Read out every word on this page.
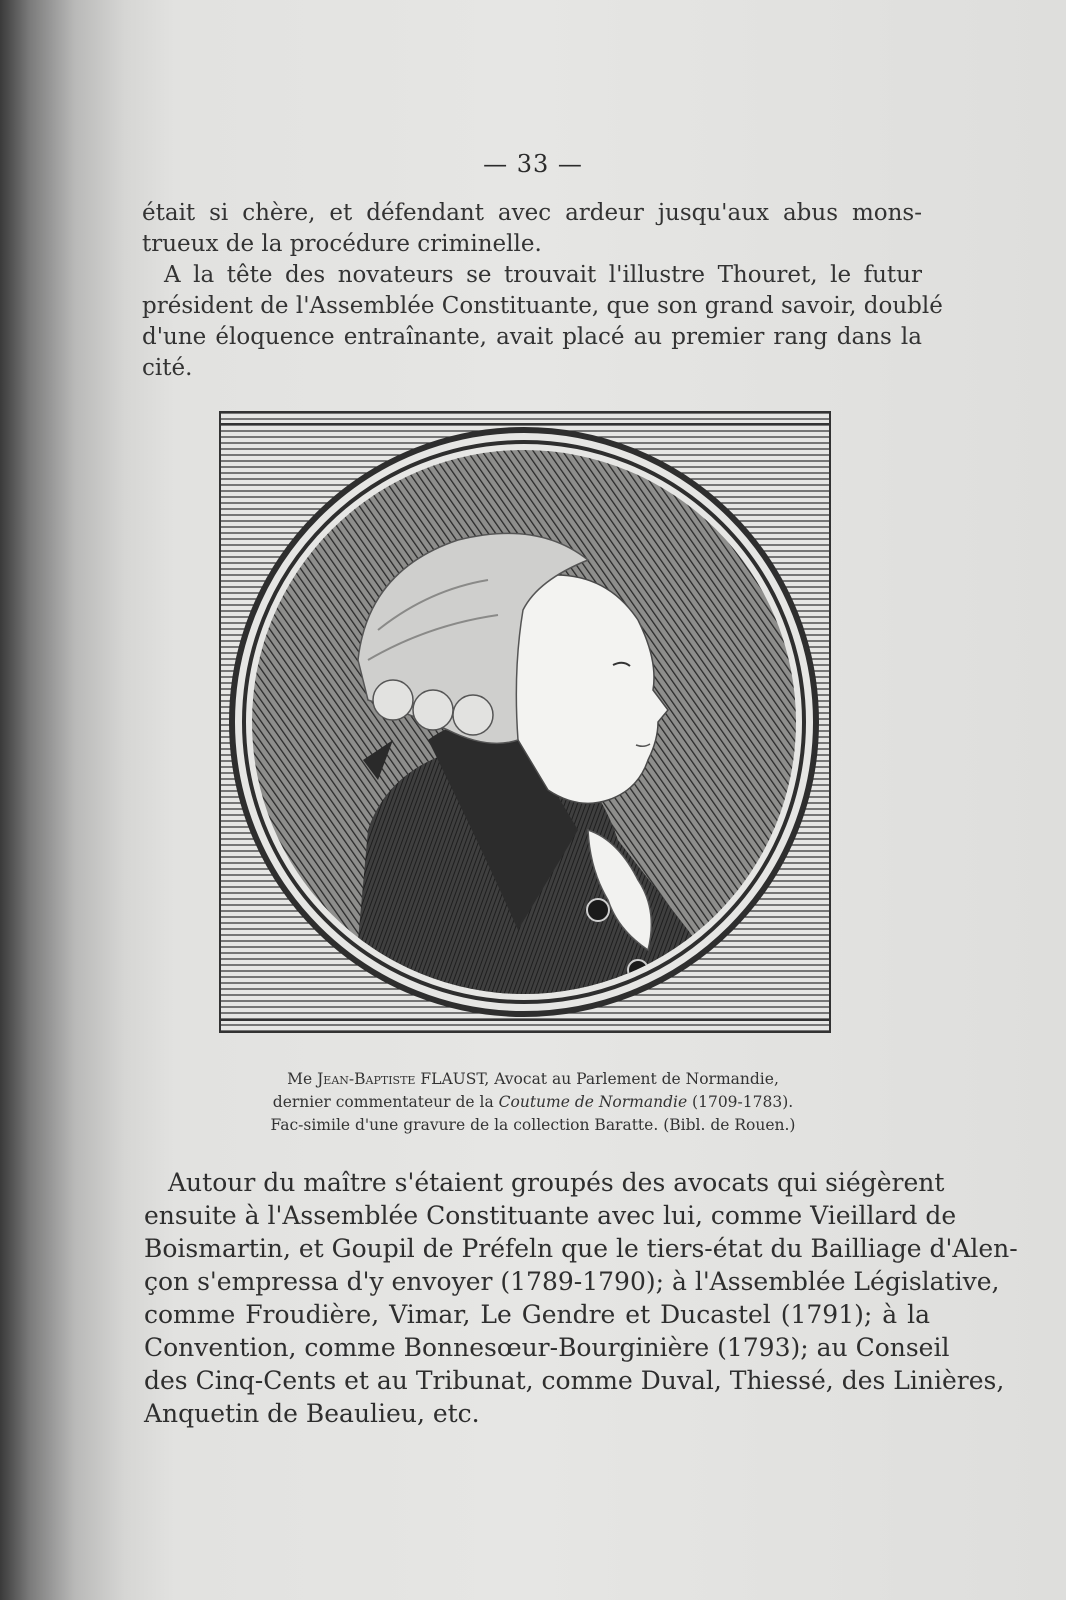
— 33 —
était si chère, et défendant avec ardeur jusqu'aux abus mons-
trueux de la procédure criminelle.
A la tête des novateurs se trouvait l'illustre Thouret, le futur
président de l'Assemblée Constituante, que son grand savoir, doublé
d'une éloquence entraînante, avait placé au premier rang dans la
cité.
Me Jean-Baptiste FLAUST, Avocat au Parlement de Normandie,
dernier commentateur de la Coutume de Normandie (1709-1783).
Fac-simile d'une gravure de la collection Baratte. (Bibl. de Rouen.)
Autour du maître s'étaient groupés des avocats qui siégèrent
ensuite à l'Assemblée Constituante avec lui, comme Vieillard de
Boismartin, et Goupil de Préfeln que le tiers-état du Bailliage d'Alen-
çon s'empressa d'y envoyer (1789-1790); à l'Assemblée Législative,
comme Froudière, Vimar, Le Gendre et Ducastel (1791); à la
Convention, comme Bonnesœur-Bourginière (1793); au Conseil
des Cinq-Cents et au Tribunat, comme Duval, Thiessé, des Linières,
Anquetin de Beaulieu, etc.
